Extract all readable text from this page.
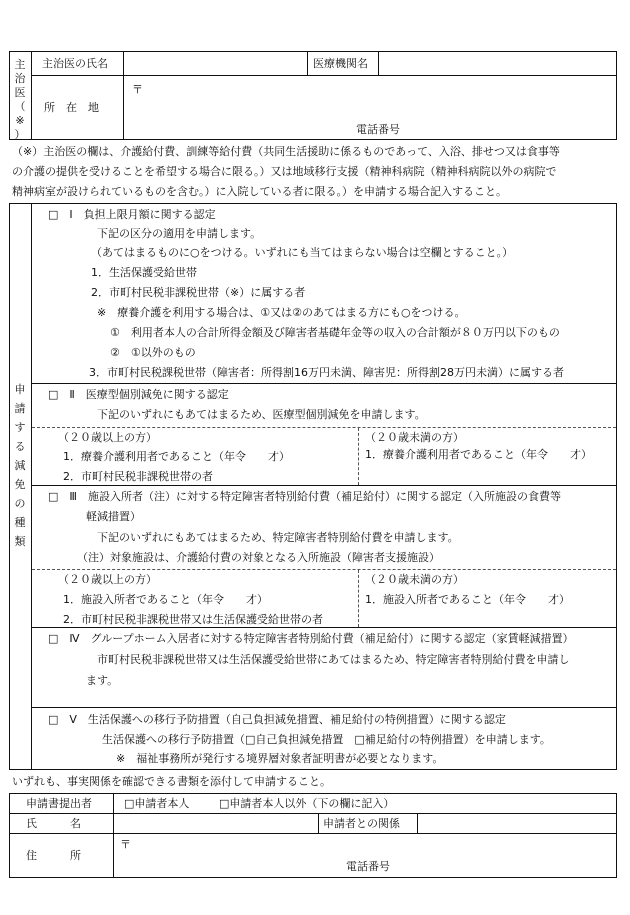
主
治
医
（
※
）
主治医の氏名	医療機関名
所　在　地
〒
電話番号
（※）主治医の欄は、介護給付費、訓練等給付費（共同生活援助に係るものであって、入浴、排せつ又は食事等
の介護の提供を受けることを希望する場合に限る。）又は地域移行支援（精神科病院（精神科病院以外の病院で
精神病室が設けられているものを含む。）に入院している者に限る。）を申請する場合記入すること。
申
請
す
る
減
免
の
種
類
□　Ⅰ　負担上限月額に関する認定
下記の区分の適用を申請します。
（あてはまるものに○をつける。いずれにも当てはまらない場合は空欄とすること。）
1．生活保護受給世帯
2．市町村民税非課税世帯（※）に属する者
※　療養介護を利用する場合は、①又は②のあてはまる方にも○をつける。
①　利用者本人の合計所得金額及び障害者基礎年金等の収入の合計額が８０万円以下のもの
②　①以外のもの
3．市町村民税課税世帯（障害者：所得割16万円未満、障害児：所得割28万円未満）に属する者
□　Ⅱ　医療型個別減免に関する認定
下記のいずれにもあてはまるため、医療型個別減免を申請します。
（２０歳以上の方）
1．療養介護利用者であること（年令　　才）
2．市町村民税非課税世帯の者
（２０歳未満の方）
1．療養介護利用者であること（年令　　才）
□　Ⅲ　施設入所者（注）に対する特定障害者特別給付費（補足給付）に関する認定（入所施設の食費等
軽減措置）
下記のいずれにもあてはまるため、特定障害者特別給付費を申請します。
（注）対象施設は、介護給付費の対象となる入所施設（障害者支援施設）
（２０歳以上の方）
1．施設入所者であること（年令　　才）
2．市町村民税非課税世帯又は生活保護受給世帯の者
（２０歳未満の方）
1．施設入所者であること（年令　　才）
□　Ⅳ　グループホーム入居者に対する特定障害者特別給付費（補足給付）に関する認定（家賃軽減措置）
市町村民税非課税世帯又は生活保護受給世帯にあてはまるため、特定障害者特別給付費を申請し
ます。
□　Ⅴ　生活保護への移行予防措置（自己負担減免措置、補足給付の特例措置）に関する認定
生活保護への移行予防措置（□自己負担減免措置　□補足給付の特例措置）を申請します。
※　福祉事務所が発行する境界層対象者証明書が必要となります。
いずれも、事実関係を確認できる書類を添付して申請すること。
申請書提出者	□申請者本人	□申請者本人以外（下の欄に記入）
氏　　　名	申請者との関係
住　　　所
〒
電話番号
